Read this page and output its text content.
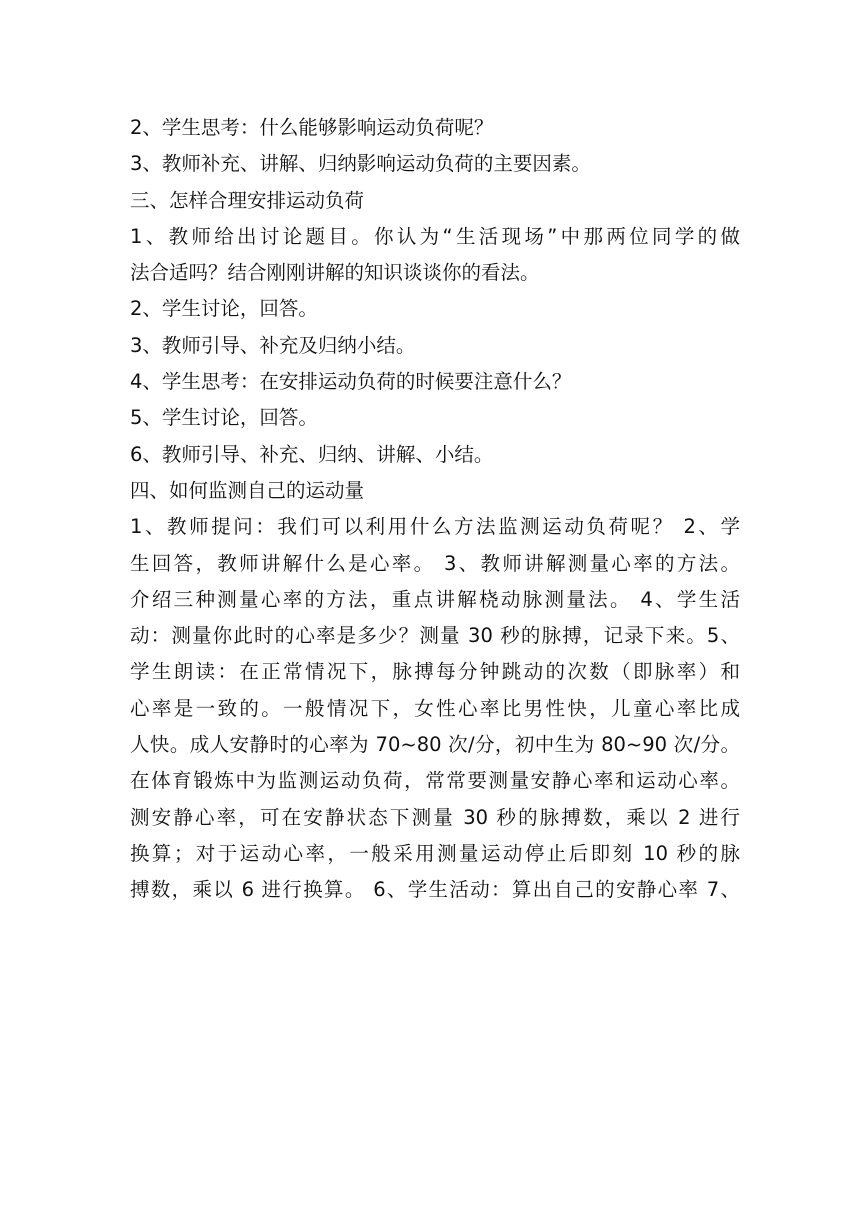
2、学生思考：什么能够影响运动负荷呢？

3、教师补充、讲解、归纳影响运动负荷的主要因素。

三、怎样合理安排运动负荷

1、教师给出讨论题目。你认为“生活现场”中那两位同学的做

法合适吗？结合刚刚讲解的知识谈谈你的看法。

2、学生讨论，回答。

3、教师引导、补充及归纳小结。

4、学生思考：在安排运动负荷的时候要注意什么？

5、学生讨论，回答。

6、教师引导、补充、归纳、讲解、小结。

四、如何监测自己的运动量

1、教师提问：我们可以利用什么方法监测运动负荷呢？ 2、学

生回答，教师讲解什么是心率。 3、教师讲解测量心率的方法。

介绍三种测量心率的方法，重点讲解桡动脉测量法。 4、学生活

动：测量你此时的心率是多少？测量 30 秒的脉搏，记录下来。5、

学生朗读：在正常情况下，脉搏每分钟跳动的次数（即脉率）和

心率是一致的。一般情况下，女性心率比男性快，儿童心率比成

人快。成人安静时的心率为 70~80 次/分，初中生为 80~90 次/分。

在体育锻炼中为监测运动负荷，常常要测量安静心率和运动心率。

测安静心率，可在安静状态下测量 30 秒的脉搏数，乘以 2 进行

换算；对于运动心率，一般采用测量运动停止后即刻 10 秒的脉

搏数，乘以 6 进行换算。 6、学生活动：算出自己的安静心率 7、
